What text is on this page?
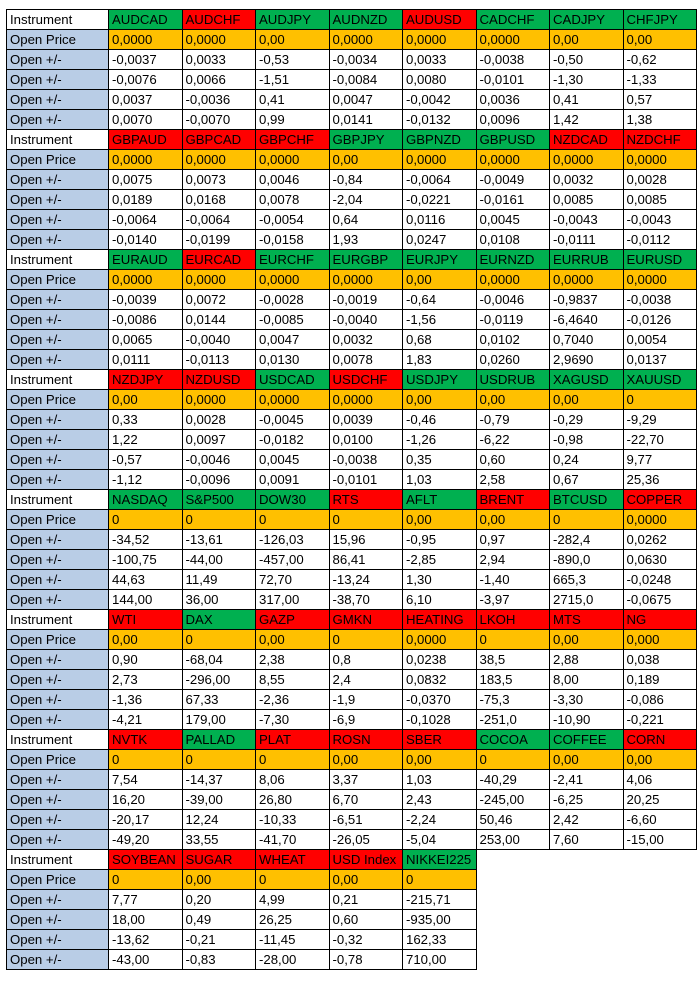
Instrument	AUDCAD	AUDCHF	AUDJPY	AUDNZD	AUDUSD	CADCHF	CADJPY	CHFJPY
Open Price	0,0000	0,0000	0,00	0,0000	0,0000	0,0000	0,00	0,00
Open +/-	-0,0037	0,0033	-0,53	-0,0034	0,0033	-0,0038	-0,50	-0,62
Open +/-	-0,0076	0,0066	-1,51	-0,0084	0,0080	-0,0101	-1,30	-1,33
Open +/-	0,0037	-0,0036	0,41	0,0047	-0,0042	0,0036	0,41	0,57
Open +/-	0,0070	-0,0070	0,99	0,0141	-0,0132	0,0096	1,42	1,38
Instrument	GBPAUD	GBPCAD	GBPCHF	GBPJPY	GBPNZD	GBPUSD	NZDCAD	NZDCHF
Open Price	0,0000	0,0000	0,0000	0,00	0,0000	0,0000	0,0000	0,0000
Open +/-	0,0075	0,0073	0,0046	-0,84	-0,0064	-0,0049	0,0032	0,0028
Open +/-	0,0189	0,0168	0,0078	-2,04	-0,0221	-0,0161	0,0085	0,0085
Open +/-	-0,0064	-0,0064	-0,0054	0,64	0,0116	0,0045	-0,0043	-0,0043
Open +/-	-0,0140	-0,0199	-0,0158	1,93	0,0247	0,0108	-0,0111	-0,0112
Instrument	EURAUD	EURCAD	EURCHF	EURGBP	EURJPY	EURNZD	EURRUB	EURUSD
Open Price	0,0000	0,0000	0,0000	0,0000	0,00	0,0000	0,0000	0,0000
Open +/-	-0,0039	0,0072	-0,0028	-0,0019	-0,64	-0,0046	-0,9837	-0,0038
Open +/-	-0,0086	0,0144	-0,0085	-0,0040	-1,56	-0,0119	-6,4640	-0,0126
Open +/-	0,0065	-0,0040	0,0047	0,0032	0,68	0,0102	0,7040	0,0054
Open +/-	0,0111	-0,0113	0,0130	0,0078	1,83	0,0260	2,9690	0,0137
Instrument	NZDJPY	NZDUSD	USDCAD	USDCHF	USDJPY	USDRUB	XAGUSD	XAUUSD
Open Price	0,00	0,0000	0,0000	0,0000	0,00	0,00	0,00	0
Open +/-	0,33	0,0028	-0,0045	0,0039	-0,46	-0,79	-0,29	-9,29
Open +/-	1,22	0,0097	-0,0182	0,0100	-1,26	-6,22	-0,98	-22,70
Open +/-	-0,57	-0,0046	0,0045	-0,0038	0,35	0,60	0,24	9,77
Open +/-	-1,12	-0,0096	0,0091	-0,0101	1,03	2,58	0,67	25,36
Instrument	NASDAQ	S&P500	DOW30	RTS	AFLT	BRENT	BTCUSD	COPPER
Open Price	0	0	0	0	0,00	0,00	0	0,0000
Open +/-	-34,52	-13,61	-126,03	15,96	-0,95	0,97	-282,4	0,0262
Open +/-	-100,75	-44,00	-457,00	86,41	-2,85	2,94	-890,0	0,0630
Open +/-	44,63	11,49	72,70	-13,24	1,30	-1,40	665,3	-0,0248
Open +/-	144,00	36,00	317,00	-38,70	6,10	-3,97	2715,0	-0,0675
Instrument	WTI	DAX	GAZP	GMKN	HEATING	LKOH	MTS	NG
Open Price	0,00	0	0,00	0	0,0000	0	0,00	0,000
Open +/-	0,90	-68,04	2,38	0,8	0,0238	38,5	2,88	0,038
Open +/-	2,73	-296,00	8,55	2,4	0,0832	183,5	8,00	0,189
Open +/-	-1,36	67,33	-2,36	-1,9	-0,0370	-75,3	-3,30	-0,086
Open +/-	-4,21	179,00	-7,30	-6,9	-0,1028	-251,0	-10,90	-0,221
Instrument	NVTK	PALLAD	PLAT	ROSN	SBER	COCOA	COFFEE	CORN
Open Price	0	0	0	0,00	0,00	0	0,00	0,00
Open +/-	7,54	-14,37	8,06	3,37	1,03	-40,29	-2,41	4,06
Open +/-	16,20	-39,00	26,80	6,70	2,43	-245,00	-6,25	20,25
Open +/-	-20,17	12,24	-10,33	-6,51	-2,24	50,46	2,42	-6,60
Open +/-	-49,20	33,55	-41,70	-26,05	-5,04	253,00	7,60	-15,00
Instrument	SOYBEAN	SUGAR	WHEAT	USD Index	NIKKEI225			
Open Price	0	0,00	0	0,00	0			
Open +/-	7,77	0,20	4,99	0,21	-215,71			
Open +/-	18,00	0,49	26,25	0,60	-935,00			
Open +/-	-13,62	-0,21	-11,45	-0,32	162,33			
Open +/-	-43,00	-0,83	-28,00	-0,78	710,00			
